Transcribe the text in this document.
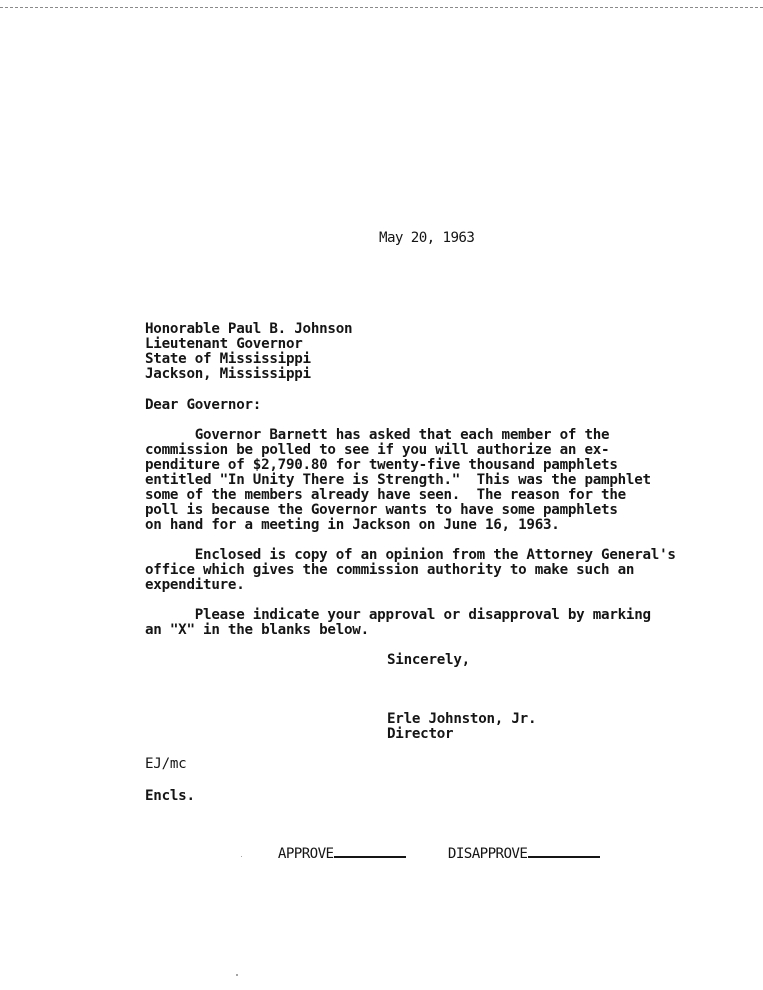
May 20, 1963
Honorable Paul B. Johnson
Lieutenant Governor
State of Mississippi
Jackson, Mississippi
Dear Governor:
Governor Barnett has asked that each member of the
commission be polled to see if you will authorize an ex-
penditure of $2,790.80 for twenty-five thousand pamphlets
entitled "In Unity There is Strength."  This was the pamphlet
some of the members already have seen.  The reason for the
poll is because the Governor wants to have some pamphlets
on hand for a meeting in Jackson on June 16, 1963.
Enclosed is copy of an opinion from the Attorney General's
office which gives the commission authority to make such an
expenditure.
Please indicate your approval or disapproval by marking
an "X" in the blanks below.
Sincerely,
Erle Johnston, Jr.
Director
EJ/mc
Encls.

APPROVE	DISAPPROVE
